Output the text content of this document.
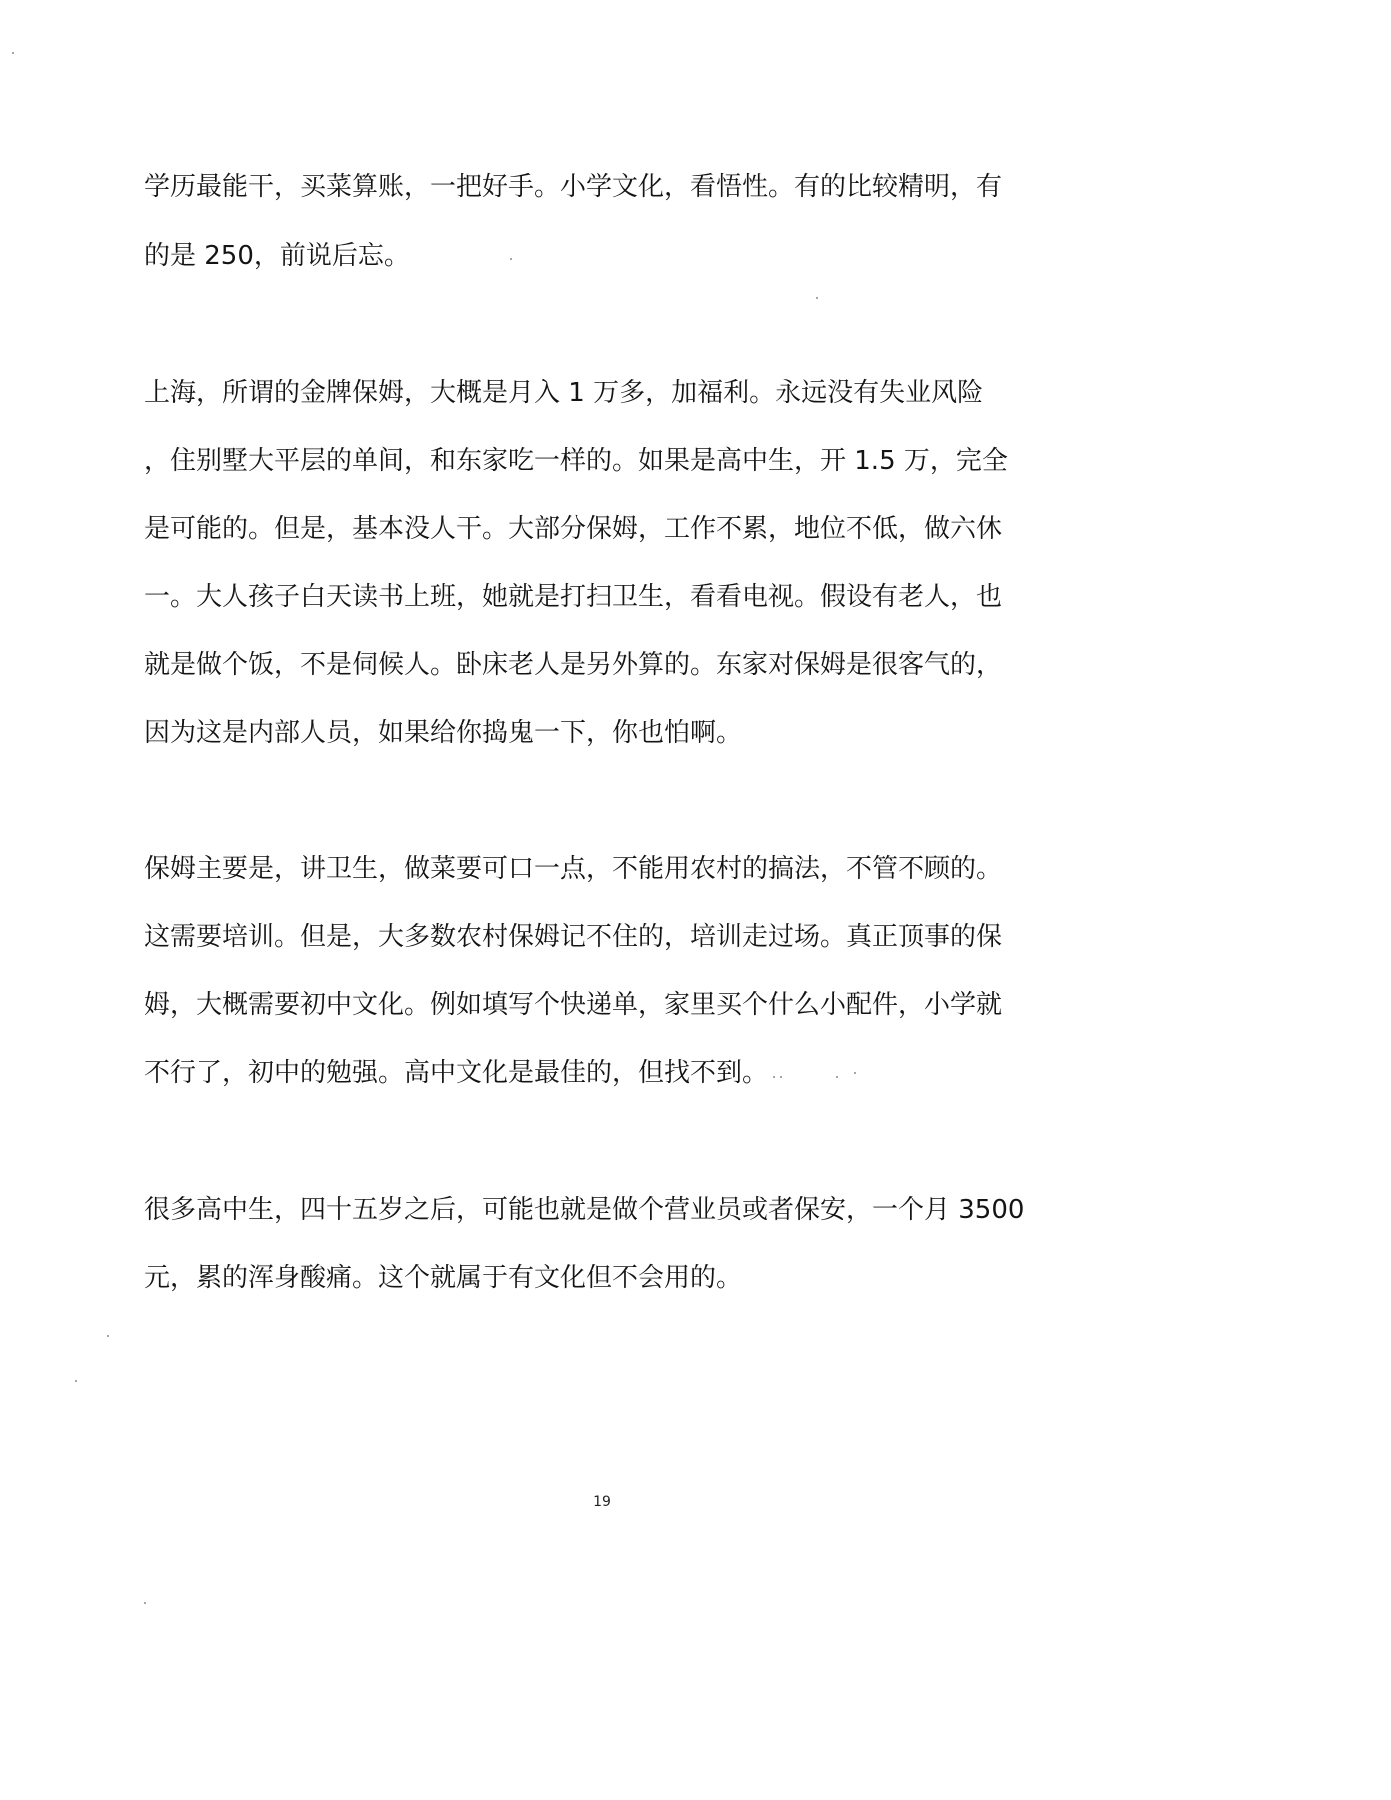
学历最能干，买菜算账，一把好手。小学文化，看悟性。有的比较精明，有
的是 250，前说后忘。
上海，所谓的金牌保姆，大概是月入 1 万多，加福利。永远没有失业风险
，住别墅大平层的单间，和东家吃一样的。如果是高中生，开 1.5 万，完全
是可能的。但是，基本没人干。大部分保姆，工作不累，地位不低，做六休
一。大人孩子白天读书上班，她就是打扫卫生，看看电视。假设有老人，也
就是做个饭，不是伺候人。卧床老人是另外算的。东家对保姆是很客气的，
因为这是内部人员，如果给你捣鬼一下，你也怕啊。
保姆主要是，讲卫生，做菜要可口一点，不能用农村的搞法，不管不顾的。
这需要培训。但是，大多数农村保姆记不住的，培训走过场。真正顶事的保
姆，大概需要初中文化。例如填写个快递单，家里买个什么小配件，小学就
不行了，初中的勉强。高中文化是最佳的，但找不到。
很多高中生，四十五岁之后，可能也就是做个营业员或者保安，一个月 3500
元，累的浑身酸痛。这个就属于有文化但不会用的。
19
